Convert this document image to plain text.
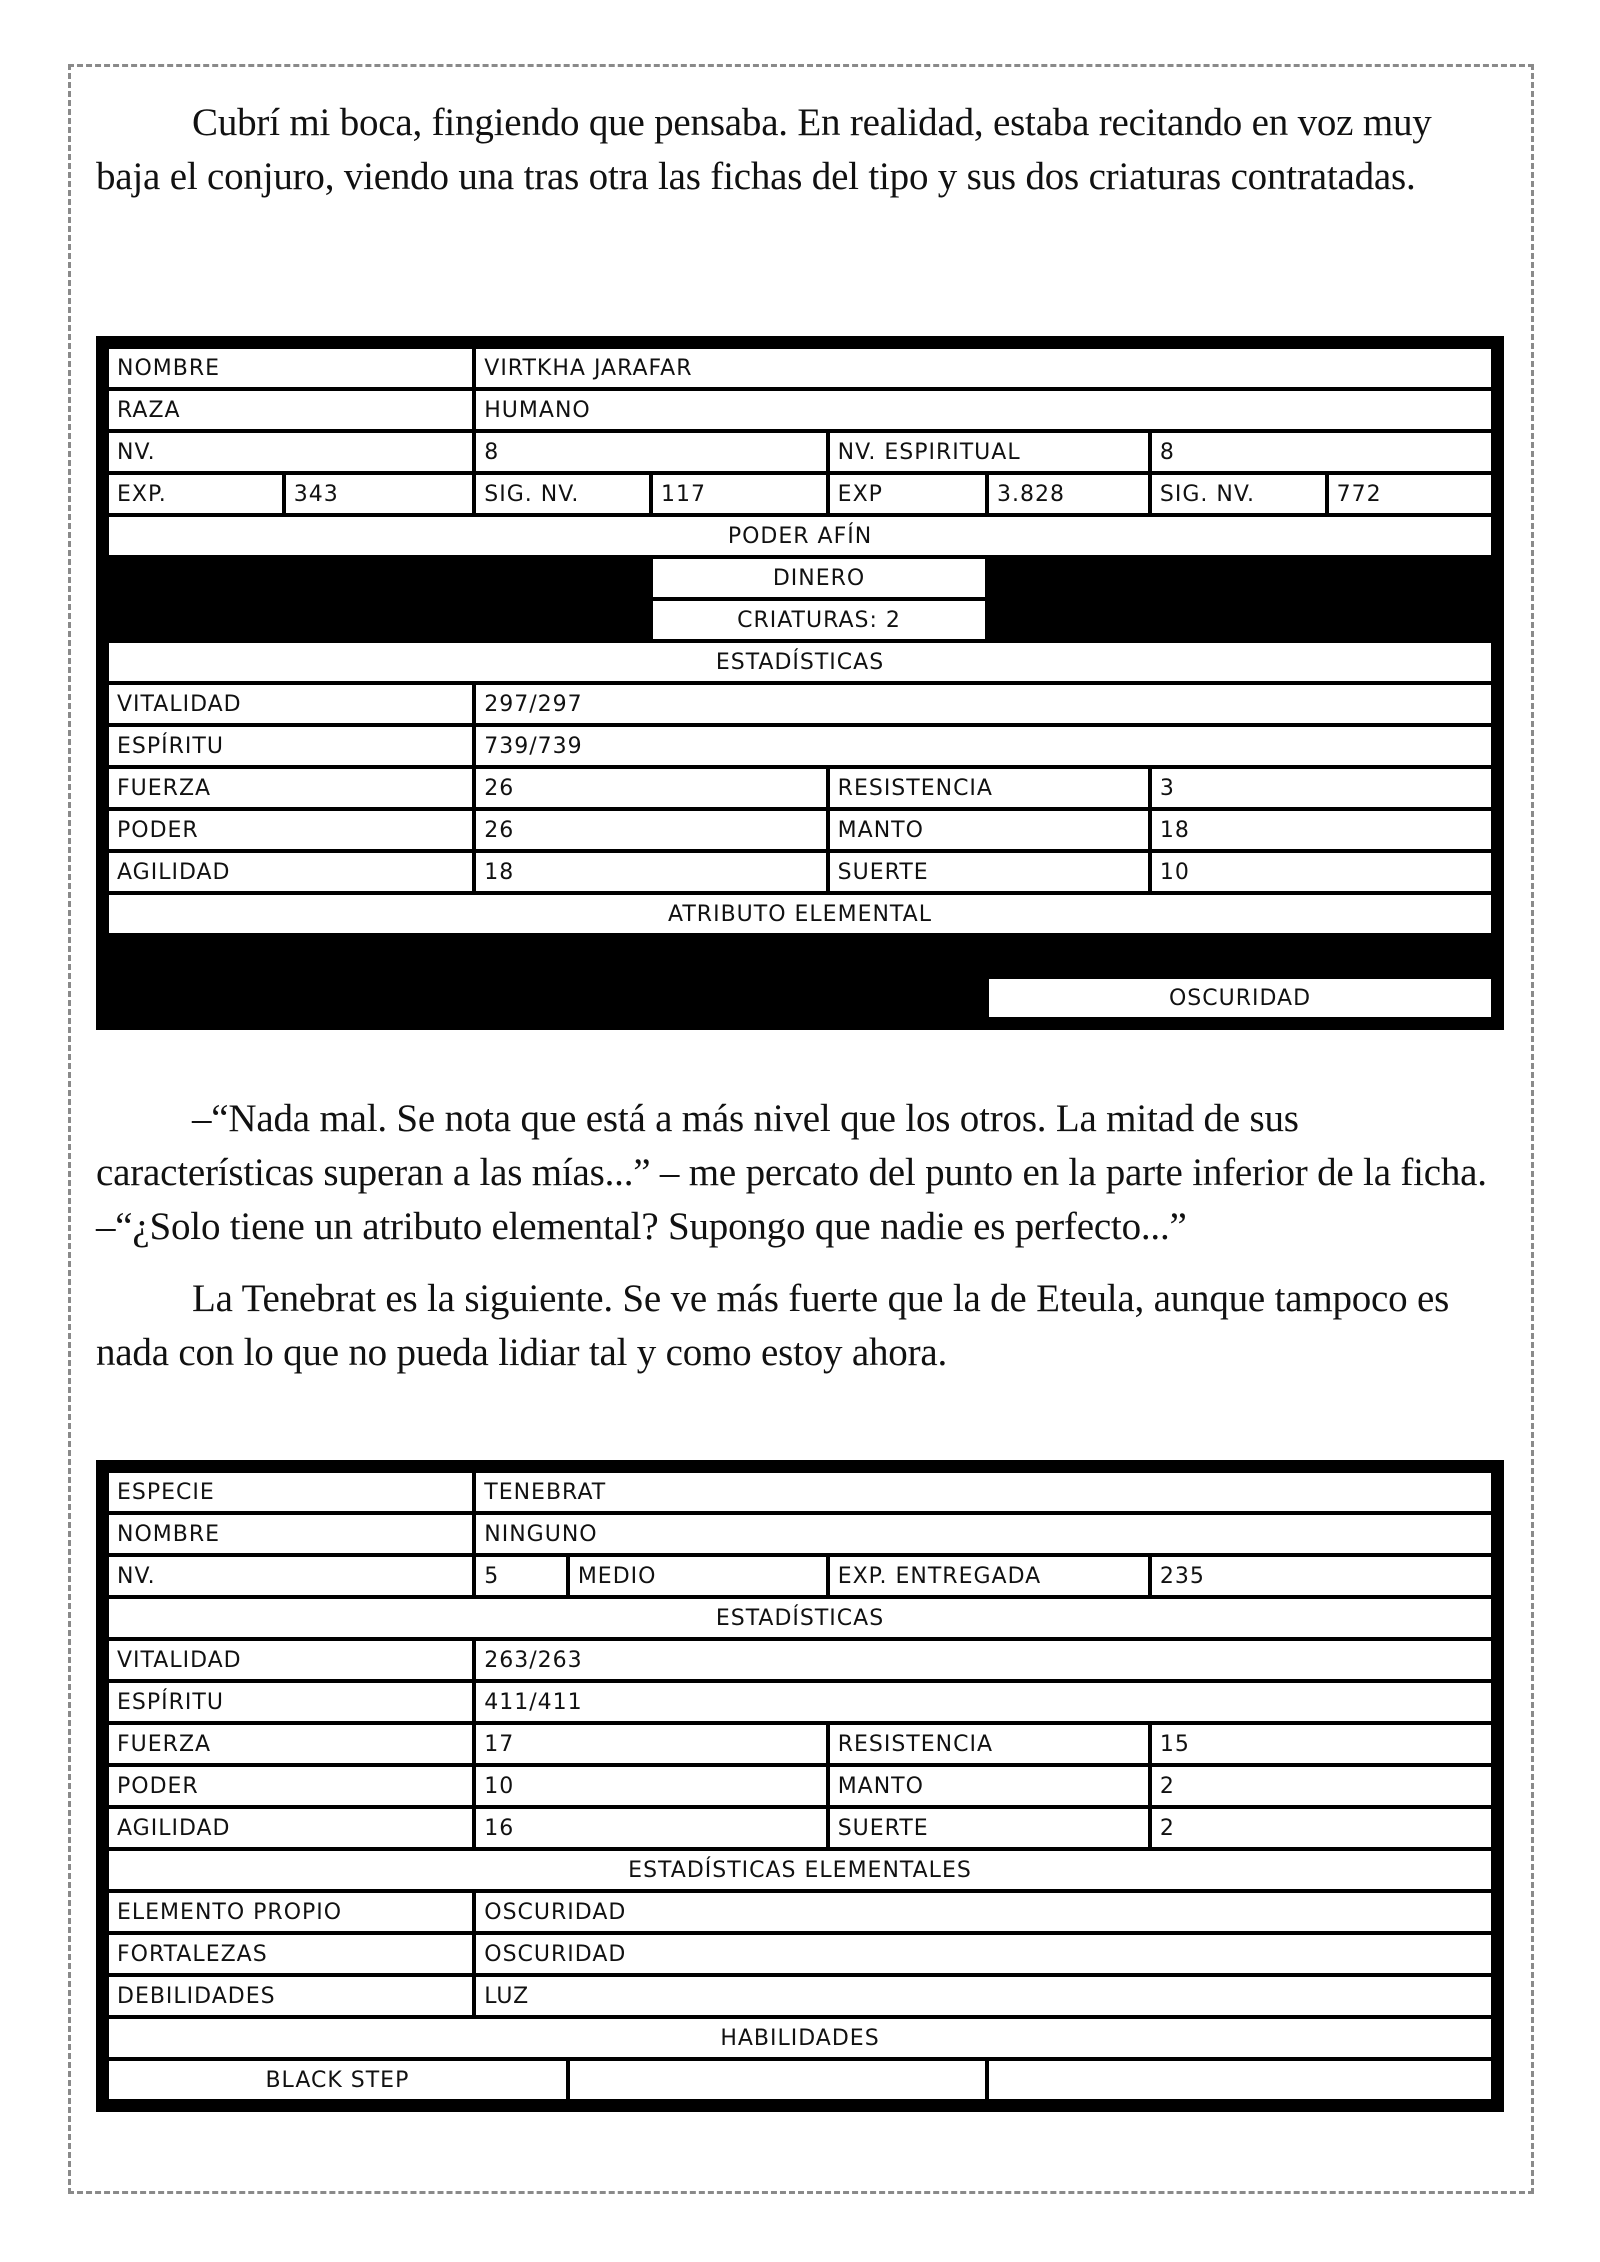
Cubrí mi boca, fingiendo que pensaba. En realidad, estaba recitando en voz muy baja el conjuro, viendo una tras otra las fichas del tipo y sus dos criaturas contratadas.

NOMBRE		VIRTKHA JARAFAR					
RAZA		HUMANO					
NV.		8		NV. ESPIRITUAL		8	
EXP.	343	SIG. NV.	117	EXP	3.828	SIG. NV.	772
PODER AFÍN							
			DINERO				
			CRIATURAS: 2				
ESTADÍSTICAS							
VITALIDAD		297/297					
ESPÍRITU		739/739					
FUERZA		26		RESISTENCIA		3	
PODER		26		MANTO		18	
AGILIDAD		18		SUERTE		10	
ATRIBUTO ELEMENTAL							

					OSCURIDAD		

–“Nada mal. Se nota que está a más nivel que los otros. La mitad de sus características superan a las mías...” – me percato del punto en la parte inferior de la ficha. –“¿Solo tiene un atributo elemental? Supongo que nadie es perfecto...”

La Tenebrat es la siguiente. Se ve más fuerte que la de Eteula, aunque tampoco es nada con lo que no pueda lidiar tal y como estoy ahora.

ESPECIE	TENEBRAT				
NOMBRE	NINGUNO				
NV.	5	MEDIO	EXP. ENTREGADA		235
ESTADÍSTICAS					
VITALIDAD	263/263				
ESPÍRITU	411/411				
FUERZA	17		RESISTENCIA		15
PODER	10		MANTO		2
AGILIDAD	16		SUERTE		2
ESTADÍSTICAS ELEMENTALES					
ELEMENTO PROPIO	OSCURIDAD				
FORTALEZAS	OSCURIDAD				
DEBILIDADES	LUZ				
HABILIDADES					
BLACK STEP					
